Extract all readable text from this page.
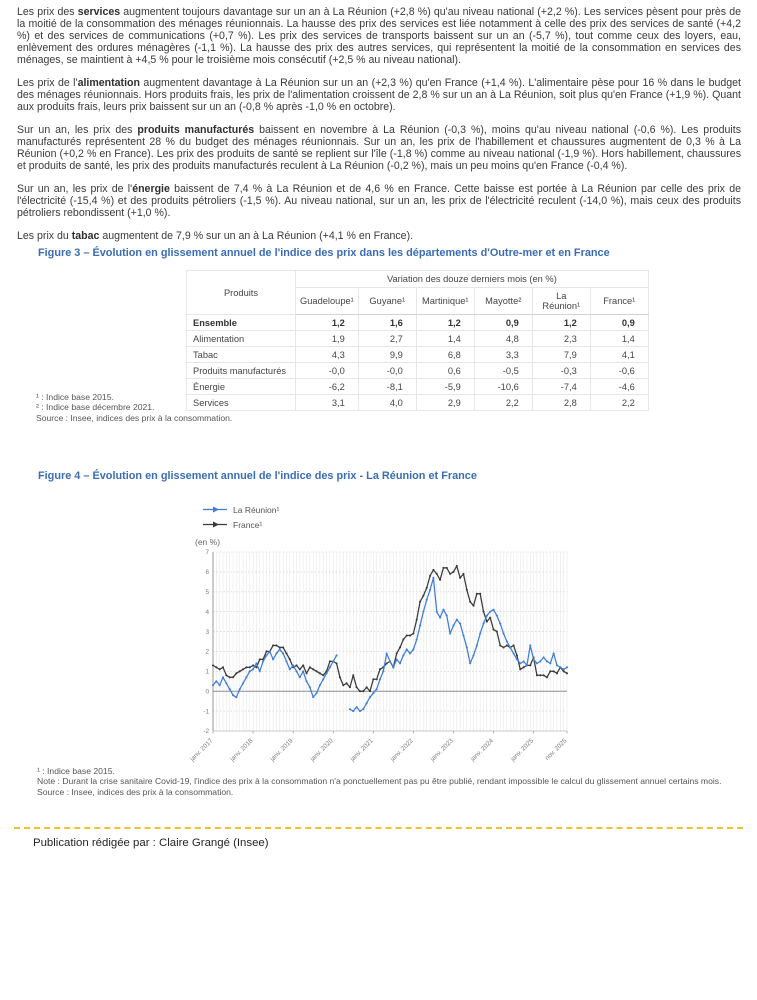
Les prix des services augmentent toujours davantage sur un an à La Réunion (+2,8 %) qu'au niveau national (+2,2 %). Les services pèsent pour près de la moitié de la consommation des ménages réunionnais. La hausse des prix des services est liée notamment à celle des prix des services de santé (+4,2 %) et des services de communications (+0,7 %). Les prix des services de transports baissent sur un an (-5,7 %), tout comme ceux des loyers, eau, enlèvement des ordures ménagères (-1,1 %). La hausse des prix des autres services, qui représentent la moitié de la consommation en services des ménages, se maintient à +4,5 % pour le troisième mois consécutif (+2,5 % au niveau national).

Les prix de l'alimentation augmentent davantage à La Réunion sur un an (+2,3 %) qu'en France (+1,4 %). L'alimentaire pèse pour 16 % dans le budget des ménages réunionnais. Hors produits frais, les prix de l'alimentation croissent de 2,8 % sur un an à La Réunion, soit plus qu'en France (+1,9 %). Quant aux produits frais, leurs prix baissent sur un an (-0,8 % après -1,0 % en octobre).

Sur un an, les prix des produits manufacturés baissent en novembre à La Réunion (-0,3 %), moins qu'au niveau national (-0,6 %). Les produits manufacturés représentent 28 % du budget des ménages réunionnais. Sur un an, les prix de l'habillement et chaussures augmentent de 0,3 % à La Réunion (+0,2 % en France). Les prix des produits de santé se replient sur l'île (-1,8 %) comme au niveau national (-1,9 %). Hors habillement, chaussures et produits de santé, les prix des produits manufacturés reculent à La Réunion (-0,2 %), mais un peu moins qu'en France (-0,4 %).

Sur un an, les prix de l'énergie baissent de 7,4 % à La Réunion et de 4,6 % en France. Cette baisse est portée à La Réunion par celle des prix de l'électricité (-15,4 %) et des produits pétroliers (-1,5 %). Au niveau national, sur un an, les prix de l'électricité reculent (-14,0 %), mais ceux des produits pétroliers rebondissent (+1,0 %).

Les prix du tabac augmentent de 7,9 % sur un an à La Réunion (+4,1 % en France).

Figure 3 – Évolution en glissement annuel de l'indice des prix dans les départements d'Outre-mer et en France
Produits	Variation des douze derniers mois (en %)					
	Guadeloupe¹	Guyane¹	Martinique¹	Mayotte²	La Réunion¹	France¹
Ensemble	1,2	1,6	1,2	0,9	1,2	0,9
Alimentation	1,9	2,7	1,4	4,8	2,3	1,4
Tabac	4,3	9,9	6,8	3,3	7,9	4,1
Produits manufacturés	-0,0	-0,0	0,6	-0,5	-0,3	-0,6
Énergie	-6,2	-8,1	-5,9	-10,6	-7,4	-4,6
Services	3,1	4,0	2,9	2,2	2,8	2,2
¹ : Indice base 2015.
² : Indice base décembre 2021.
Source : Insee, indices des prix à la consommation.
Figure 4 – Évolution en glissement annuel de l'indice des prix - La Réunion et France
La Réunion¹
France¹
(en %)
-2
-1
0
1
2
3
4
5
6
7
janv. 2017 janv. 2018 janv. 2019 janv. 2020 janv. 2021 janv. 2022 janv. 2023 janv. 2024 janv. 2025 nov. 2025
¹ : Indice base 2015.
Note : Durant la crise sanitaire Covid-19, l'indice des prix à la consommation n'a ponctuellement pas pu être publié, rendant impossible le calcul du glissement annuel certains mois.
Source : Insee, indices des prix à la consommation.
Publication rédigée par : Claire Grangé (Insee)
